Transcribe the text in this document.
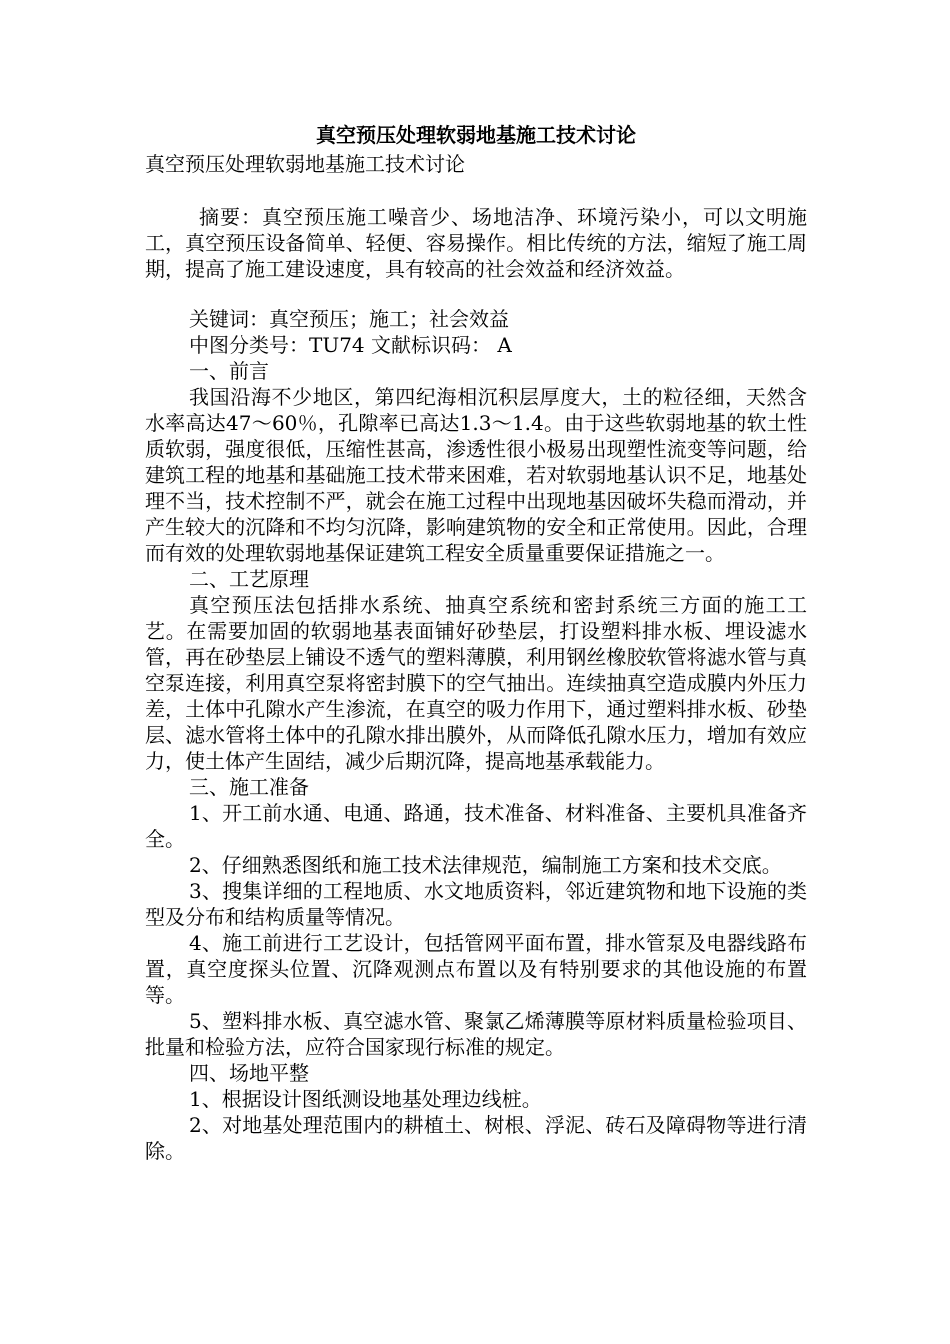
真空预压处理软弱地基施工技术讨论
真空预压处理软弱地基施工技术讨论

摘要：真空预压施工噪音少、场地洁净、环境污染小，可以文明施工，真空预压设备简单、轻便、容易操作。相比传统的方法，缩短了施工周期，提高了施工建设速度，具有较高的社会效益和经济效益。

关键词：真空预压；施工；社会效益

中图分类号：TU74 文献标识码： A

一、前言

我国沿海不少地区，第四纪海相沉积层厚度大，土的粒径细，天然含水率高达47～60％，孔隙率已高达1.3～1.4。由于这些软弱地基的软土性质软弱，强度很低，压缩性甚高，渗透性很小极易出现塑性流变等问题，给建筑工程的地基和基础施工技术带来困难，若对软弱地基认识不足，地基处理不当，技术控制不严，就会在施工过程中出现地基因破坏失稳而滑动，并产生较大的沉降和不均匀沉降，影响建筑物的安全和正常使用。因此，合理而有效的处理软弱地基保证建筑工程安全质量重要保证措施之一。

二、工艺原理

真空预压法包括排水系统、抽真空系统和密封系统三方面的施工工艺。在需要加固的软弱地基表面铺好砂垫层，打设塑料排水板、埋设滤水管，再在砂垫层上铺设不透气的塑料薄膜，利用钢丝橡胶软管将滤水管与真空泵连接，利用真空泵将密封膜下的空气抽出。连续抽真空造成膜内外压力差，土体中孔隙水产生渗流，在真空的吸力作用下，通过塑料排水板、砂垫层、滤水管将土体中的孔隙水排出膜外，从而降低孔隙水压力，增加有效应力，使土体产生固结，减少后期沉降，提高地基承载能力。

三、施工准备

1、开工前水通、电通、路通，技术准备、材料准备、主要机具准备齐全。

2、仔细熟悉图纸和施工技术法律规范，编制施工方案和技术交底。

3、搜集详细的工程地质、水文地质资料，邻近建筑物和地下设施的类型及分布和结构质量等情况。

4、施工前进行工艺设计，包括管网平面布置，排水管泵及电器线路布置，真空度探头位置、沉降观测点布置以及有特别要求的其他设施的布置等。

5、塑料排水板、真空滤水管、聚氯乙烯薄膜等原材料质量检验项目、批量和检验方法，应符合国家现行标准的规定。

四、场地平整

1、根据设计图纸测设地基处理边线桩。

2、对地基处理范围内的耕植土、树根、浮泥、砖石及障碍物等进行清除。
